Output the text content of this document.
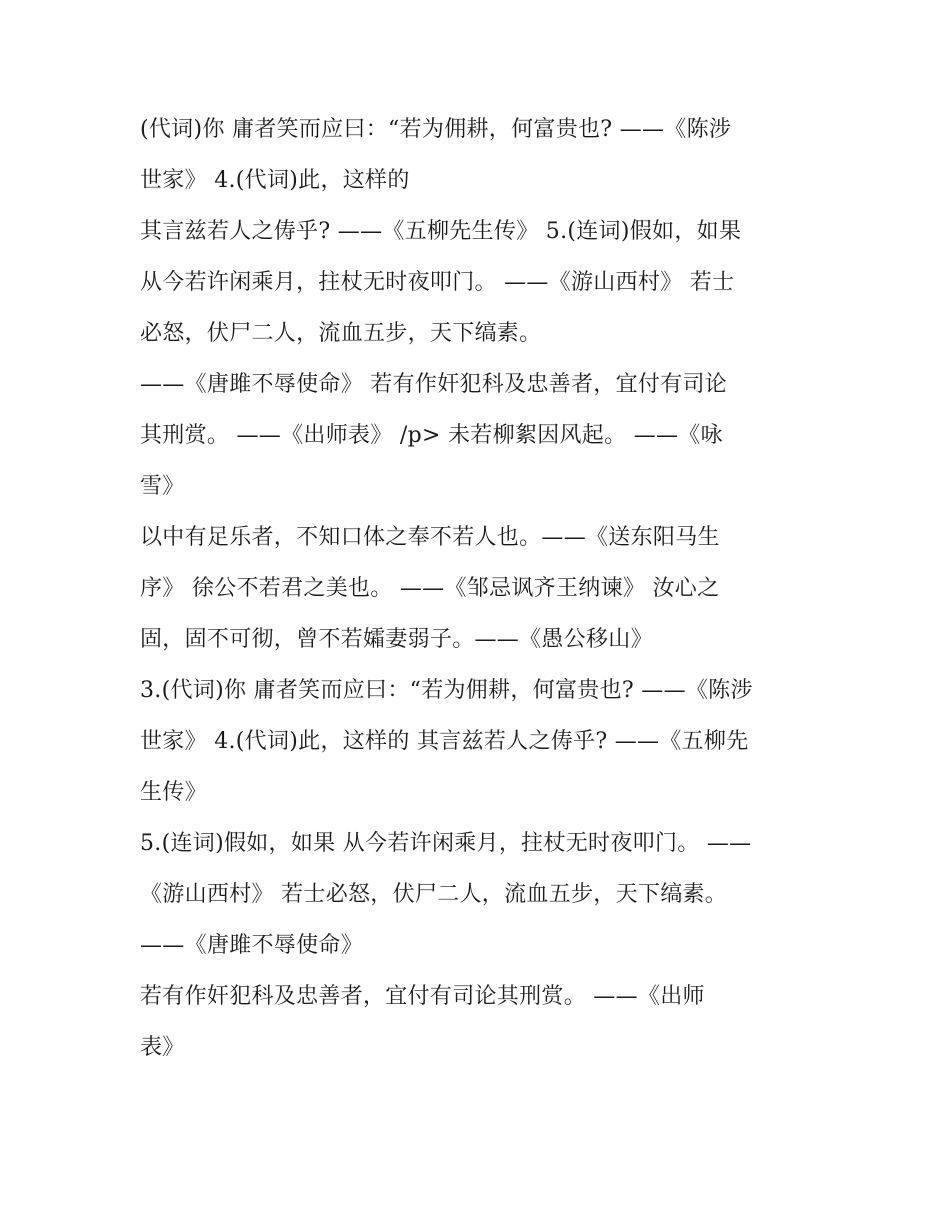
(代词)你 庸者笑而应曰：“若为佣耕，何富贵也? ——《陈涉
世家》 4.(代词)此，这样的
其言兹若人之俦乎? ——《五柳先生传》 5.(连词)假如，如果
从今若许闲乘月，拄杖无时夜叩门。 ——《游山西村》 若士
必怒，伏尸二人，流血五步，天下缟素。
——《唐雎不辱使命》 若有作奸犯科及忠善者，宜付有司论
其刑赏。 ——《出师表》 /p> 未若柳絮因风起。 ——《咏
雪》
以中有足乐者，不知口体之奉不若人也。——《送东阳马生
序》 徐公不若君之美也。 ——《邹忌讽齐王纳谏》 汝心之
固，固不可彻，曾不若孀妻弱子。——《愚公移山》
3.(代词)你 庸者笑而应曰：“若为佣耕，何富贵也? ——《陈涉
世家》 4.(代词)此，这样的 其言兹若人之俦乎? ——《五柳先
生传》
5.(连词)假如，如果 从今若许闲乘月，拄杖无时夜叩门。 ——
《游山西村》 若士必怒，伏尸二人，流血五步，天下缟素。
——《唐雎不辱使命》
若有作奸犯科及忠善者，宜付有司论其刑赏。 ——《出师
表》
